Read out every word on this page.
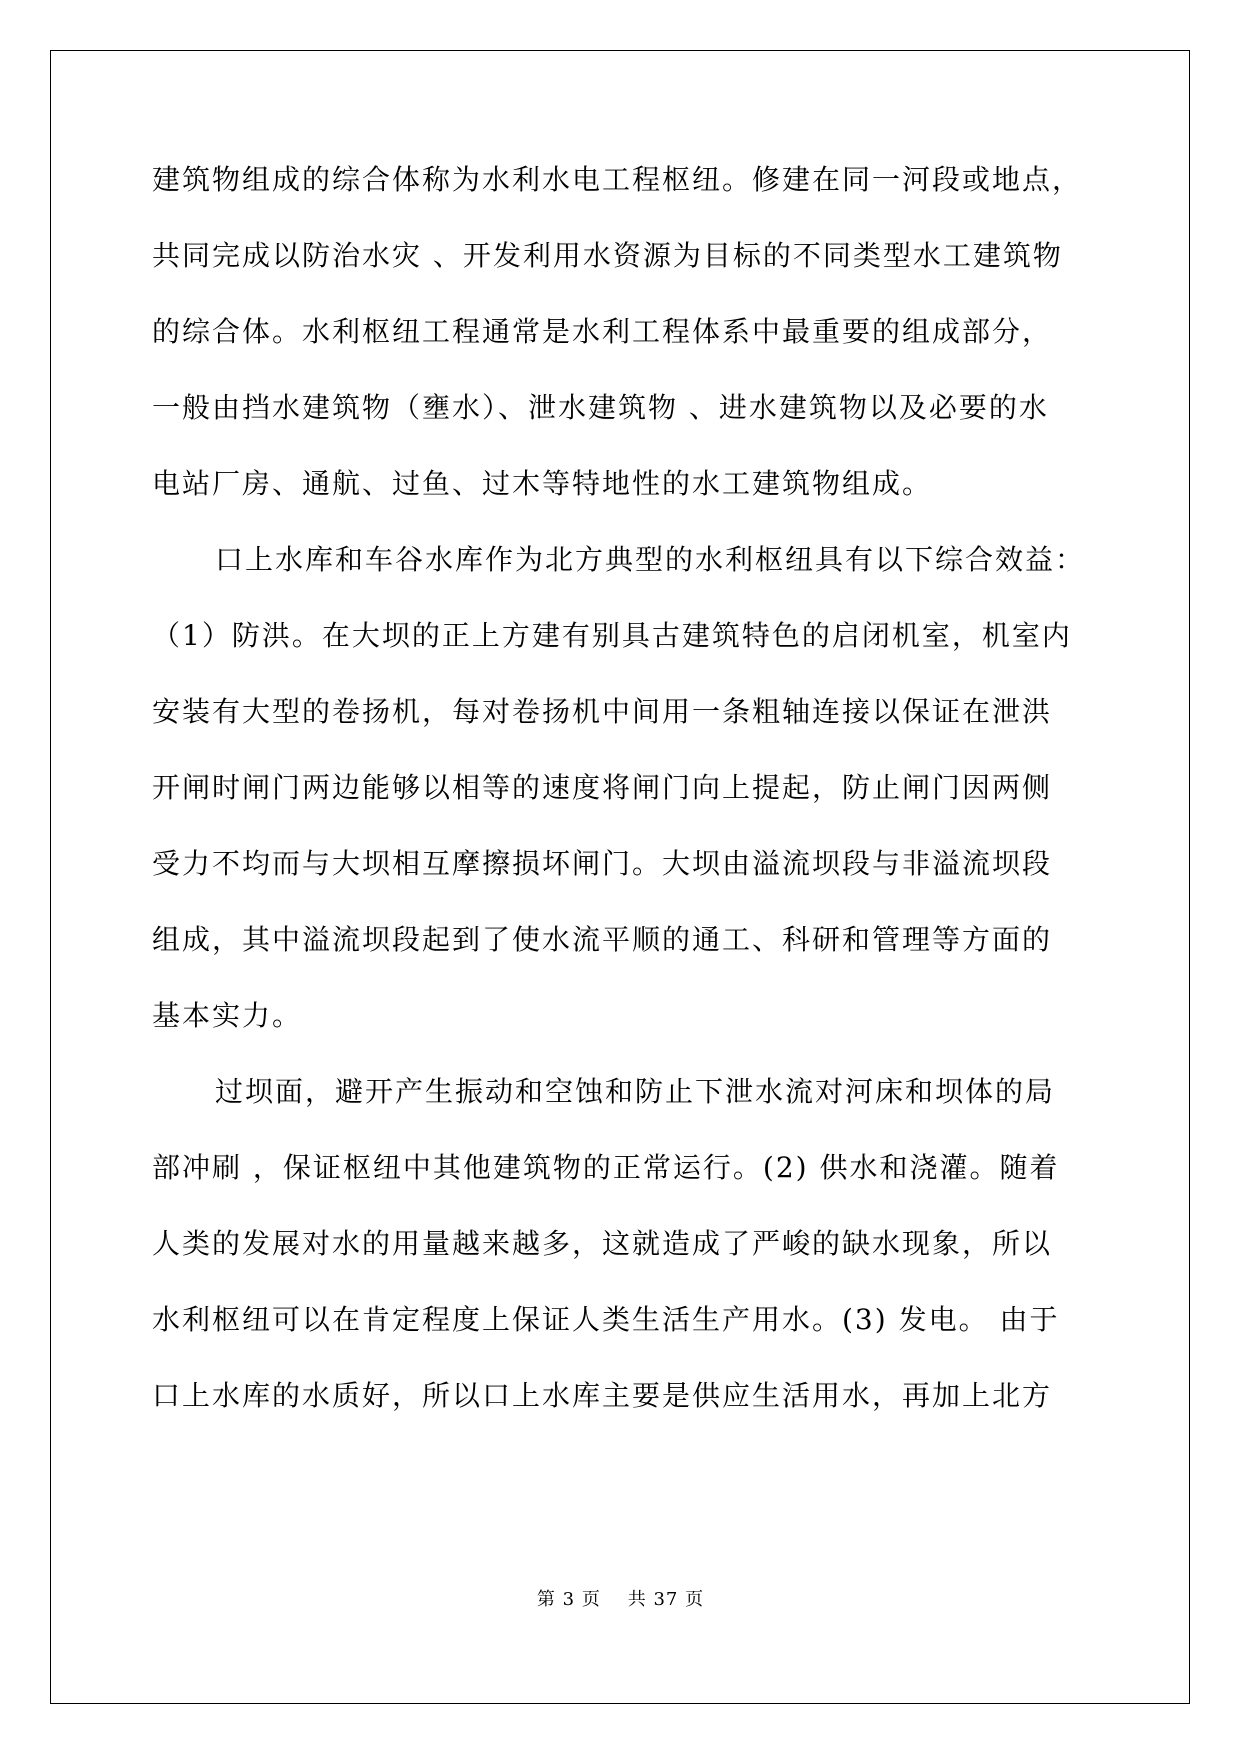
建筑物组成的综合体称为水利水电工程枢纽。修建在同一河段或地点，
共同完成以防治水灾 、开发利用水资源为目标的不同类型水工建筑物
的综合体。水利枢纽工程通常是水利工程体系中最重要的组成部分，
一般由挡水建筑物（壅水）、泄水建筑物 、进水建筑物以及必要的水
电站厂房、通航、过鱼、过木等特地性的水工建筑物组成。
口上水库和车谷水库作为北方典型的水利枢纽具有以下综合效益：
（1）防洪。在大坝的正上方建有别具古建筑特色的启闭机室，机室内
安装有大型的卷扬机，每对卷扬机中间用一条粗轴连接以保证在泄洪
开闸时闸门两边能够以相等的速度将闸门向上提起，防止闸门因两侧
受力不均而与大坝相互摩擦损坏闸门。大坝由溢流坝段与非溢流坝段
组成，其中溢流坝段起到了使水流平顺的通工、科研和管理等方面的
基本实力。
过坝面，避开产生振动和空蚀和防止下泄水流对河床和坝体的局
部冲刷 ，保证枢纽中其他建筑物的正常运行。(2) 供水和浇灌。随着
人类的发展对水的用量越来越多，这就造成了严峻的缺水现象，所以
水利枢纽可以在肯定程度上保证人类生活生产用水。(3) 发电。 由于
口上水库的水质好，所以口上水库主要是供应生活用水，再加上北方
第 3 页 共 37 页
